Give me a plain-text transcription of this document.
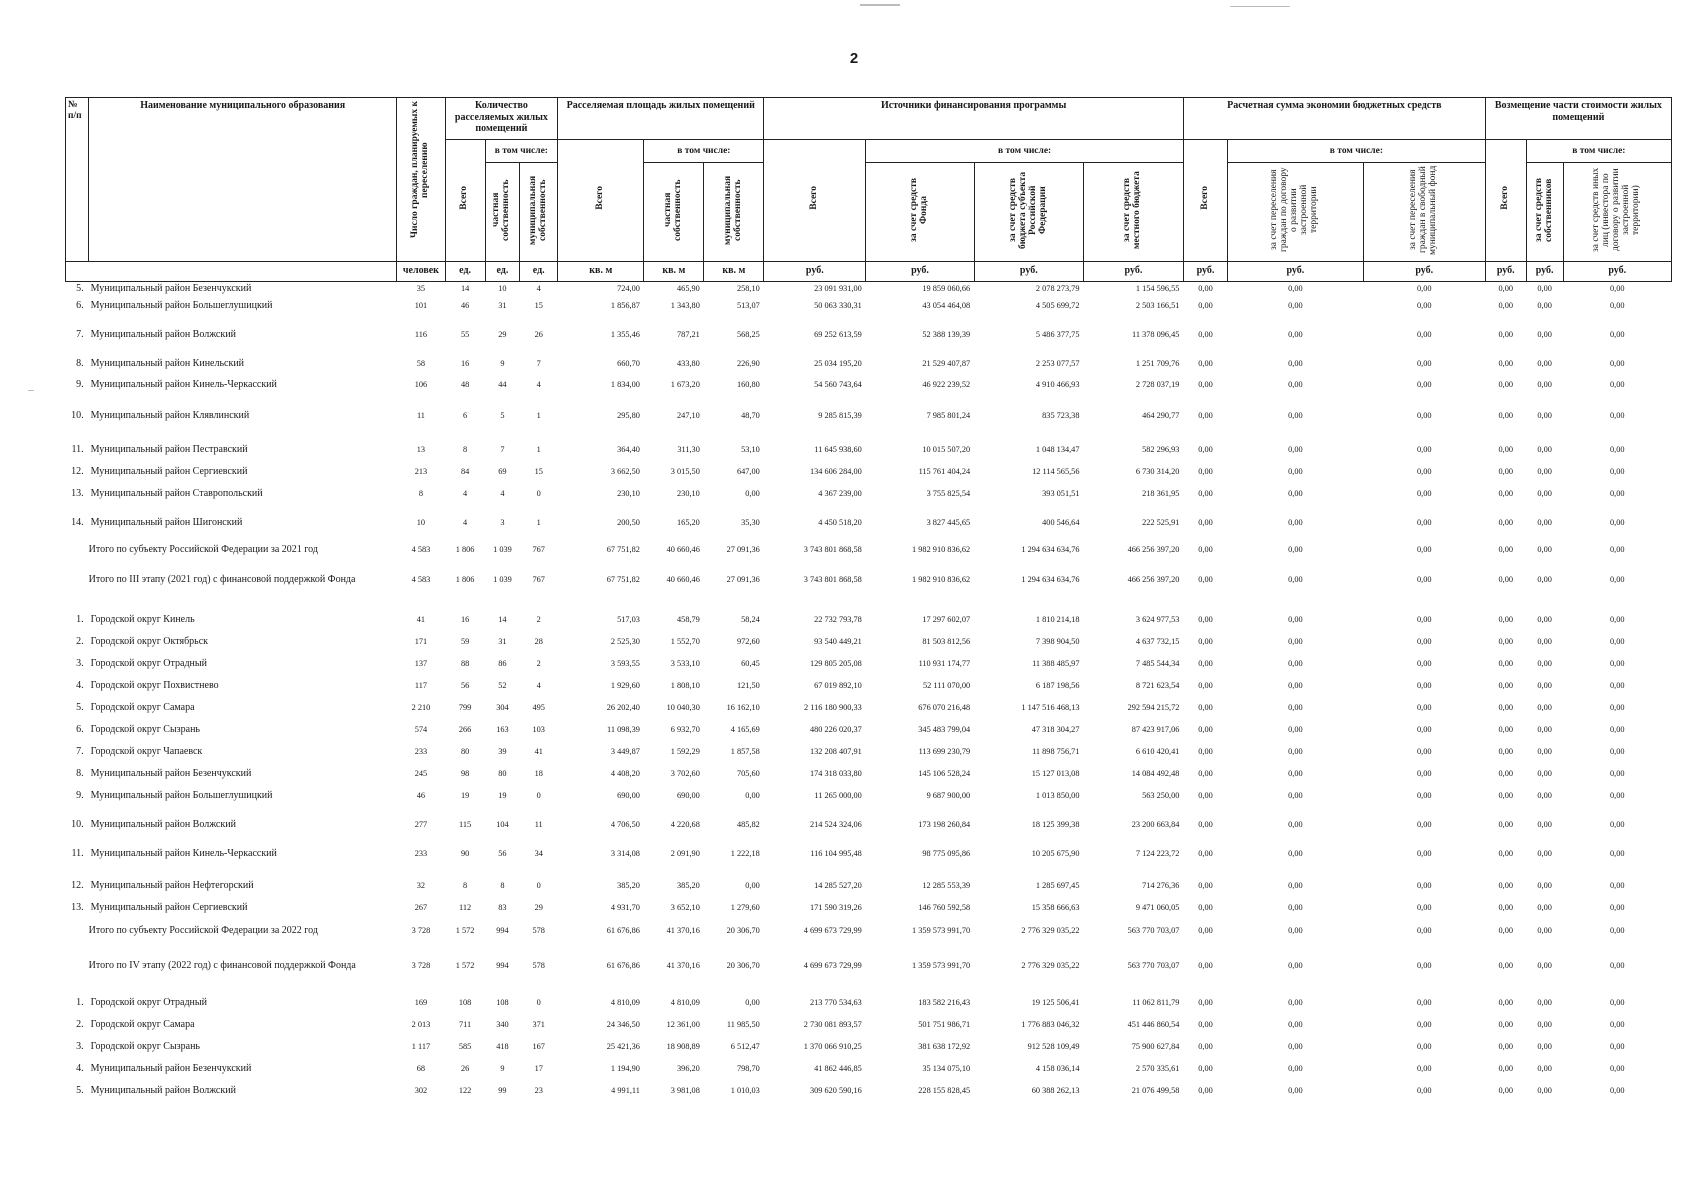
2
№ п/п	Наименование муниципального образования	Число граждан, планируемых к переселению	Количество расселяемых жилых помещений			Расселяемая площадь жилых помещений			Источники финансирования программы				Расчетная сумма экономии бюджетных средств			Возмещение части стоимости жилых помещений		
			Всего	в том числе:		Всего	в том числе:		Всего	в том числе:			Всего	в том числе:		Всего	в том числе:	
				частная собственность	муниципальная собственность		частная собственность	муниципальная собственность		за счет средств Фонда	за счет средств бюджета субъекта Российской Федерации	за счет средств местного бюджета		за счет переселения граждан по договору о развитии застроенной территории	за счет переселения граждан в свободный муниципальный фонд		за счет средств собственников	за счет средств иных лиц (инвестора по договору о развитии застроенной территории)
		человек	ед.	ед.	ед.	кв. м	кв. м	кв. м	руб.	руб.	руб.	руб.	руб.	руб.	руб.	руб.	руб.	руб.
5.	Муниципальный район Безенчукский	35	14	10	4	724,00	465,90	258,10	23 091 931,00	19 859 060,66	2 078 273,79	1 154 596,55	0,00	0,00	0,00	0,00	0,00	0,00
6.	Муниципальный район Большеглушицкий	101	46	31	15	1 856,87	1 343,80	513,07	50 063 330,31	43 054 464,08	4 505 699,72	2 503 166,51	0,00	0,00	0,00	0,00	0,00	0,00
7.	Муниципальный район Волжский	116	55	29	26	1 355,46	787,21	568,25	69 252 613,59	52 388 139,39	5 486 377,75	11 378 096,45	0,00	0,00	0,00	0,00	0,00	0,00
8.	Муниципальный район Кинельский	58	16	9	7	660,70	433,80	226,90	25 034 195,20	21 529 407,87	2 253 077,57	1 251 709,76	0,00	0,00	0,00	0,00	0,00	0,00
9.	Муниципальный район Кинель-Черкасский	106	48	44	4	1 834,00	1 673,20	160,80	54 560 743,64	46 922 239,52	4 910 466,93	2 728 037,19	0,00	0,00	0,00	0,00	0,00	0,00
10.	Муниципальный район Клявлинский	11	6	5	1	295,80	247,10	48,70	9 285 815,39	7 985 801,24	835 723,38	464 290,77	0,00	0,00	0,00	0,00	0,00	0,00
11.	Муниципальный район Пестравский	13	8	7	1	364,40	311,30	53,10	11 645 938,60	10 015 507,20	1 048 134,47	582 296,93	0,00	0,00	0,00	0,00	0,00	0,00
12.	Муниципальный район Сергиевский	213	84	69	15	3 662,50	3 015,50	647,00	134 606 284,00	115 761 404,24	12 114 565,56	6 730 314,20	0,00	0,00	0,00	0,00	0,00	0,00
13.	Муниципальный район Ставропольский	8	4	4	0	230,10	230,10	0,00	4 367 239,00	3 755 825,54	393 051,51	218 361,95	0,00	0,00	0,00	0,00	0,00	0,00
14.	Муниципальный район Шигонский	10	4	3	1	200,50	165,20	35,30	4 450 518,20	3 827 445,65	400 546,64	222 525,91	0,00	0,00	0,00	0,00	0,00	0,00
	Итого по субъекту Российской Федерации за 2021 год	4 583	1 806	1 039	767	67 751,82	40 660,46	27 091,36	3 743 801 868,58	1 982 910 836,62	1 294 634 634,76	466 256 397,20	0,00	0,00	0,00	0,00	0,00	0,00
	Итого по III этапу (2021 год) с финансовой поддержкой Фонда	4 583	1 806	1 039	767	67 751,82	40 660,46	27 091,36	3 743 801 868,58	1 982 910 836,62	1 294 634 634,76	466 256 397,20	0,00	0,00	0,00	0,00	0,00	0,00
1.	Городской округ Кинель	41	16	14	2	517,03	458,79	58,24	22 732 793,78	17 297 602,07	1 810 214,18	3 624 977,53	0,00	0,00	0,00	0,00	0,00	0,00
2.	Городской округ Октябрьск	171	59	31	28	2 525,30	1 552,70	972,60	93 540 449,21	81 503 812,56	7 398 904,50	4 637 732,15	0,00	0,00	0,00	0,00	0,00	0,00
3.	Городской округ Отрадный	137	88	86	2	3 593,55	3 533,10	60,45	129 805 205,08	110 931 174,77	11 388 485,97	7 485 544,34	0,00	0,00	0,00	0,00	0,00	0,00
4.	Городской округ Похвистнево	117	56	52	4	1 929,60	1 808,10	121,50	67 019 892,10	52 111 070,00	6 187 198,56	8 721 623,54	0,00	0,00	0,00	0,00	0,00	0,00
5.	Городской округ Самара	2 210	799	304	495	26 202,40	10 040,30	16 162,10	2 116 180 900,33	676 070 216,48	1 147 516 468,13	292 594 215,72	0,00	0,00	0,00	0,00	0,00	0,00
6.	Городской округ Сызрань	574	266	163	103	11 098,39	6 932,70	4 165,69	480 226 020,37	345 483 799,04	47 318 304,27	87 423 917,06	0,00	0,00	0,00	0,00	0,00	0,00
7.	Городской округ Чапаевск	233	80	39	41	3 449,87	1 592,29	1 857,58	132 208 407,91	113 699 230,79	11 898 756,71	6 610 420,41	0,00	0,00	0,00	0,00	0,00	0,00
8.	Муниципальный район Безенчукский	245	98	80	18	4 408,20	3 702,60	705,60	174 318 033,80	145 106 528,24	15 127 013,08	14 084 492,48	0,00	0,00	0,00	0,00	0,00	0,00
9.	Муниципальный район Большеглушицкий	46	19	19	0	690,00	690,00	0,00	11 265 000,00	9 687 900,00	1 013 850,00	563 250,00	0,00	0,00	0,00	0,00	0,00	0,00
10.	Муниципальный район Волжский	277	115	104	11	4 706,50	4 220,68	485,82	214 524 324,06	173 198 260,84	18 125 399,38	23 200 663,84	0,00	0,00	0,00	0,00	0,00	0,00
11.	Муниципальный район Кинель-Черкасский	233	90	56	34	3 314,08	2 091,90	1 222,18	116 104 995,48	98 775 095,86	10 205 675,90	7 124 223,72	0,00	0,00	0,00	0,00	0,00	0,00
12.	Муниципальный район Нефтегорский	32	8	8	0	385,20	385,20	0,00	14 285 527,20	12 285 553,39	1 285 697,45	714 276,36	0,00	0,00	0,00	0,00	0,00	0,00
13.	Муниципальный район Сергиевский	267	112	83	29	4 931,70	3 652,10	1 279,60	171 590 319,26	146 760 592,58	15 358 666,63	9 471 060,05	0,00	0,00	0,00	0,00	0,00	0,00
	Итого по субъекту Российской Федерации за 2022 год	3 728	1 572	994	578	61 676,86	41 370,16	20 306,70	4 699 673 729,99	1 359 573 991,70	2 776 329 035,22	563 770 703,07	0,00	0,00	0,00	0,00	0,00	0,00
	Итого по IV этапу (2022 год) с финансовой поддержкой Фонда	3 728	1 572	994	578	61 676,86	41 370,16	20 306,70	4 699 673 729,99	1 359 573 991,70	2 776 329 035,22	563 770 703,07	0,00	0,00	0,00	0,00	0,00	0,00
1.	Городской округ Отрадный	169	108	108	0	4 810,09	4 810,09	0,00	213 770 534,63	183 582 216,43	19 125 506,41	11 062 811,79	0,00	0,00	0,00	0,00	0,00	0,00
2.	Городской округ Самара	2 013	711	340	371	24 346,50	12 361,00	11 985,50	2 730 081 893,57	501 751 986,71	1 776 883 046,32	451 446 860,54	0,00	0,00	0,00	0,00	0,00	0,00
3.	Городской округ Сызрань	1 117	585	418	167	25 421,36	18 908,89	6 512,47	1 370 066 910,25	381 638 172,92	912 528 109,49	75 900 627,84	0,00	0,00	0,00	0,00	0,00	0,00
4.	Муниципальный район Безенчукский	68	26	9	17	1 194,90	396,20	798,70	41 862 446,85	35 134 075,10	4 158 036,14	2 570 335,61	0,00	0,00	0,00	0,00	0,00	0,00
5.	Муниципальный район Волжский	302	122	99	23	4 991,11	3 981,08	1 010,03	309 620 590,16	228 155 828,45	60 388 262,13	21 076 499,58	0,00	0,00	0,00	0,00	0,00	0,00
